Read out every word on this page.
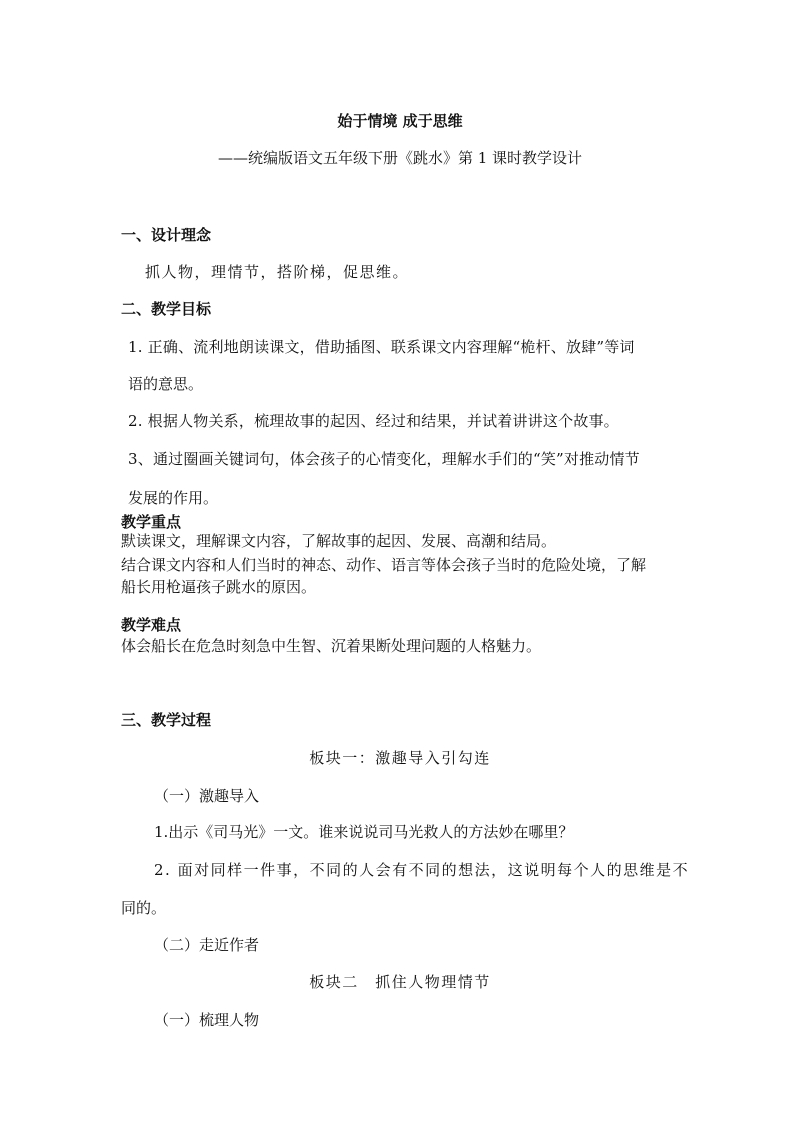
始于情境 成于思维
——统编版语文五年级下册《跳水》第 1 课时教学设计
一、设计理念
抓人物，理情节，搭阶梯，促思维。
二、教学目标
1. 正确、流利地朗读课文，借助插图、联系课文内容理解“桅杆、放肆”等词
语的意思。
2. 根据人物关系，梳理故事的起因、经过和结果，并试着讲讲这个故事。
3、通过圈画关键词句，体会孩子的心情变化，理解水手们的“笑”对推动情节
发展的作用。
教学重点
默读课文，理解课文内容，了解故事的起因、发展、高潮和结局。
结合课文内容和人们当时的神态、动作、语言等体会孩子当时的危险处境，了解
船长用枪逼孩子跳水的原因。
教学难点
体会船长在危急时刻急中生智、沉着果断处理问题的人格魅力。
三、教学过程
板块一：激趣导入引勾连
（一）激趣导入
1.出示《司马光》一文。谁来说说司马光救人的方法妙在哪里？
2. 面对同样一件事，不同的人会有不同的想法，这说明每个人的思维是不
同的。
（二）走近作者
板块二　抓住人物理情节
（一）梳理人物
